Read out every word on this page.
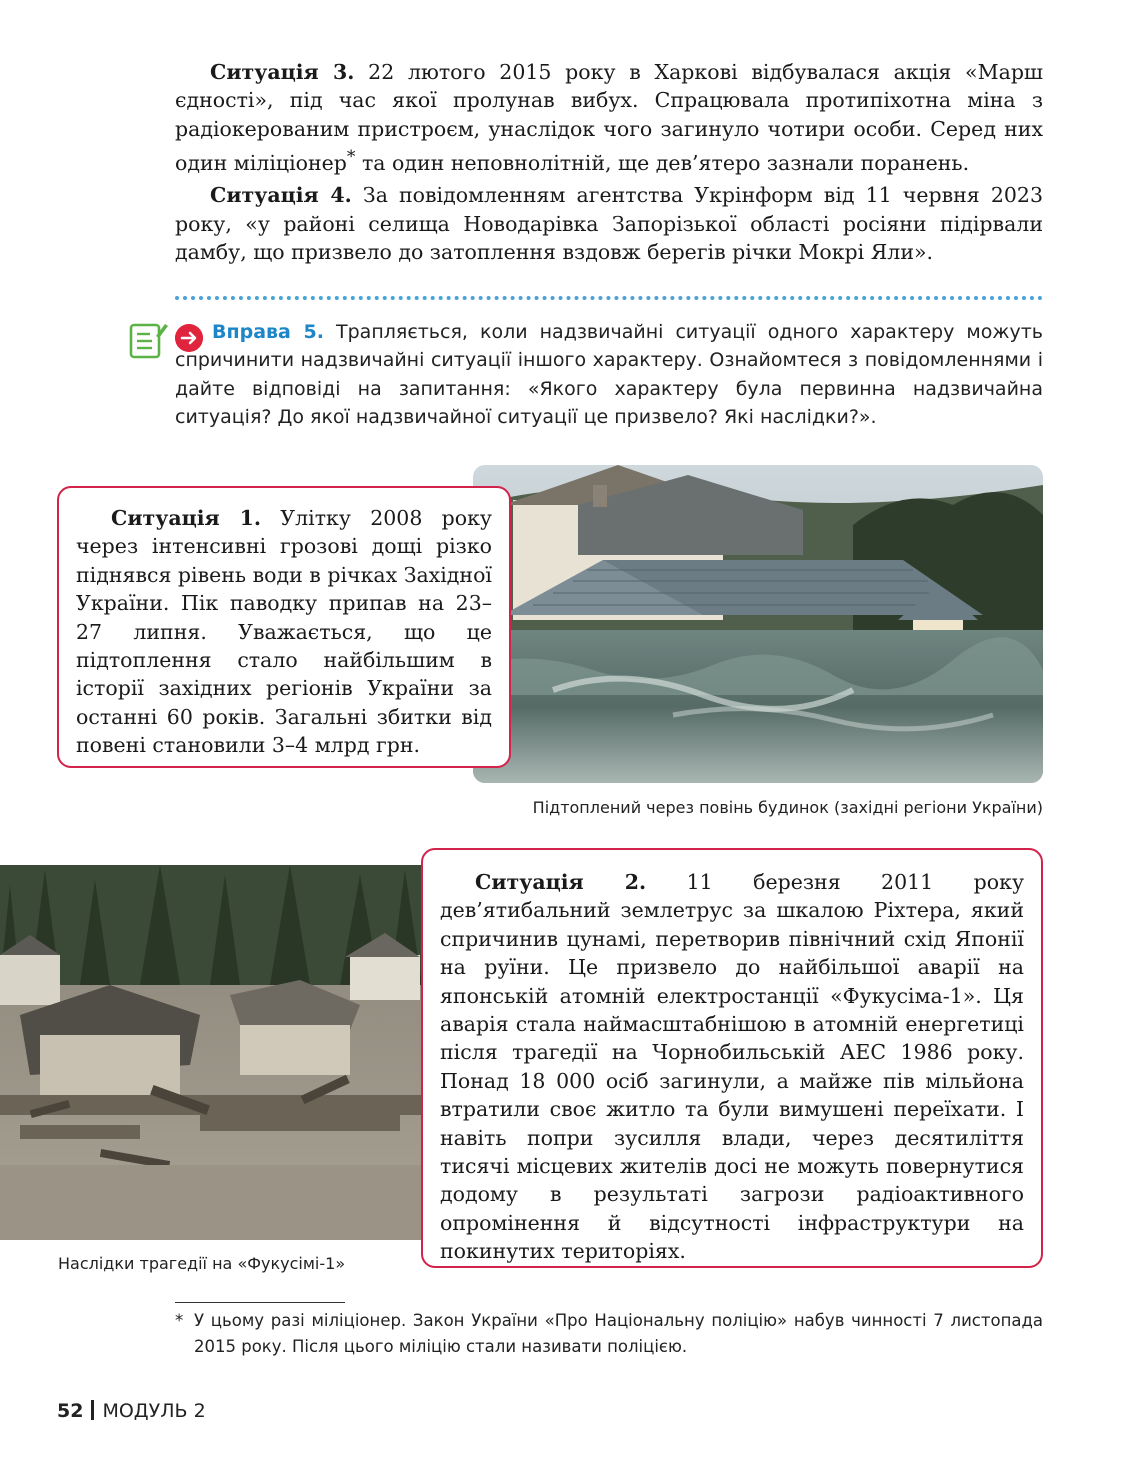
Ситуація 3. 22 лютого 2015 року в Харкові відбувалася акція «Марш єдності», під час якої пролунав вибух. Спрацювала протипіхотна міна з радіокерованим пристроєм, унаслідок чого загинуло чотири особи. Серед них один міліціонер* та один неповнолітній, ще дев’ятеро зазнали поранень.

Ситуація 4. За повідомленням агентства Укрінформ від 11 червня 2023 року, «у районі селища Новодарівка Запорізької області росіяни підірвали дамбу, що призвело до затоплення вздовж берегів річки Мокрі Яли».

Вправа 5. Трапляється, коли надзвичайні ситуації одного характеру можуть спричинити надзвичайні ситуації іншого характеру. Ознайомтеся з повідомленнями і дайте відповіді на запитання: «Якого характеру була первинна надзвичайна ситуація? До якої надзвичайної ситуації це призвело? Які наслідки?».
Підтоплений через повінь будинок (західні регіони України)

Ситуація 1. Улітку 2008 року через інтенсивні грозові дощі різко піднявся рівень води в річках Західної України. Пік паводку припав на 23–27 липня. Уважається, що це підтоплення стало найбільшим в історії західних регіонів України за останні 60 років. Загальні збитки від повені становили 3–4 млрд грн.

Наслідки трагедії на «Фукусімі-1»

Ситуація 2. 11 березня 2011 року дев’ятибальний землетрус за шкалою Ріхтера, який спричинив цунамі, перетворив північний схід Японії на руїни. Це призвело до найбільшої аварії на японській атомній електростанції «Фукусіма-1». Ця аварія стала наймасштабнішою в атомній енергетиці після трагедії на Чорнобильській АЕС 1986 року. Понад 18 000 осіб загинули, а майже пів мільйона втратили своє житло та були вимушені переїхати. І навіть попри зусилля влади, через десятиліття тисячі місцевих жителів досі не можуть повернутися додому в результаті загрози радіоактивного опромінення й відсутності інфраструктури на покинутих територіях.

* У цьому разі міліціонер. Закон України «Про Національну поліцію» набув чинності 7 листопада 2015 року. Після цього міліцію стали називати поліцією.
52 МОДУЛЬ 2
